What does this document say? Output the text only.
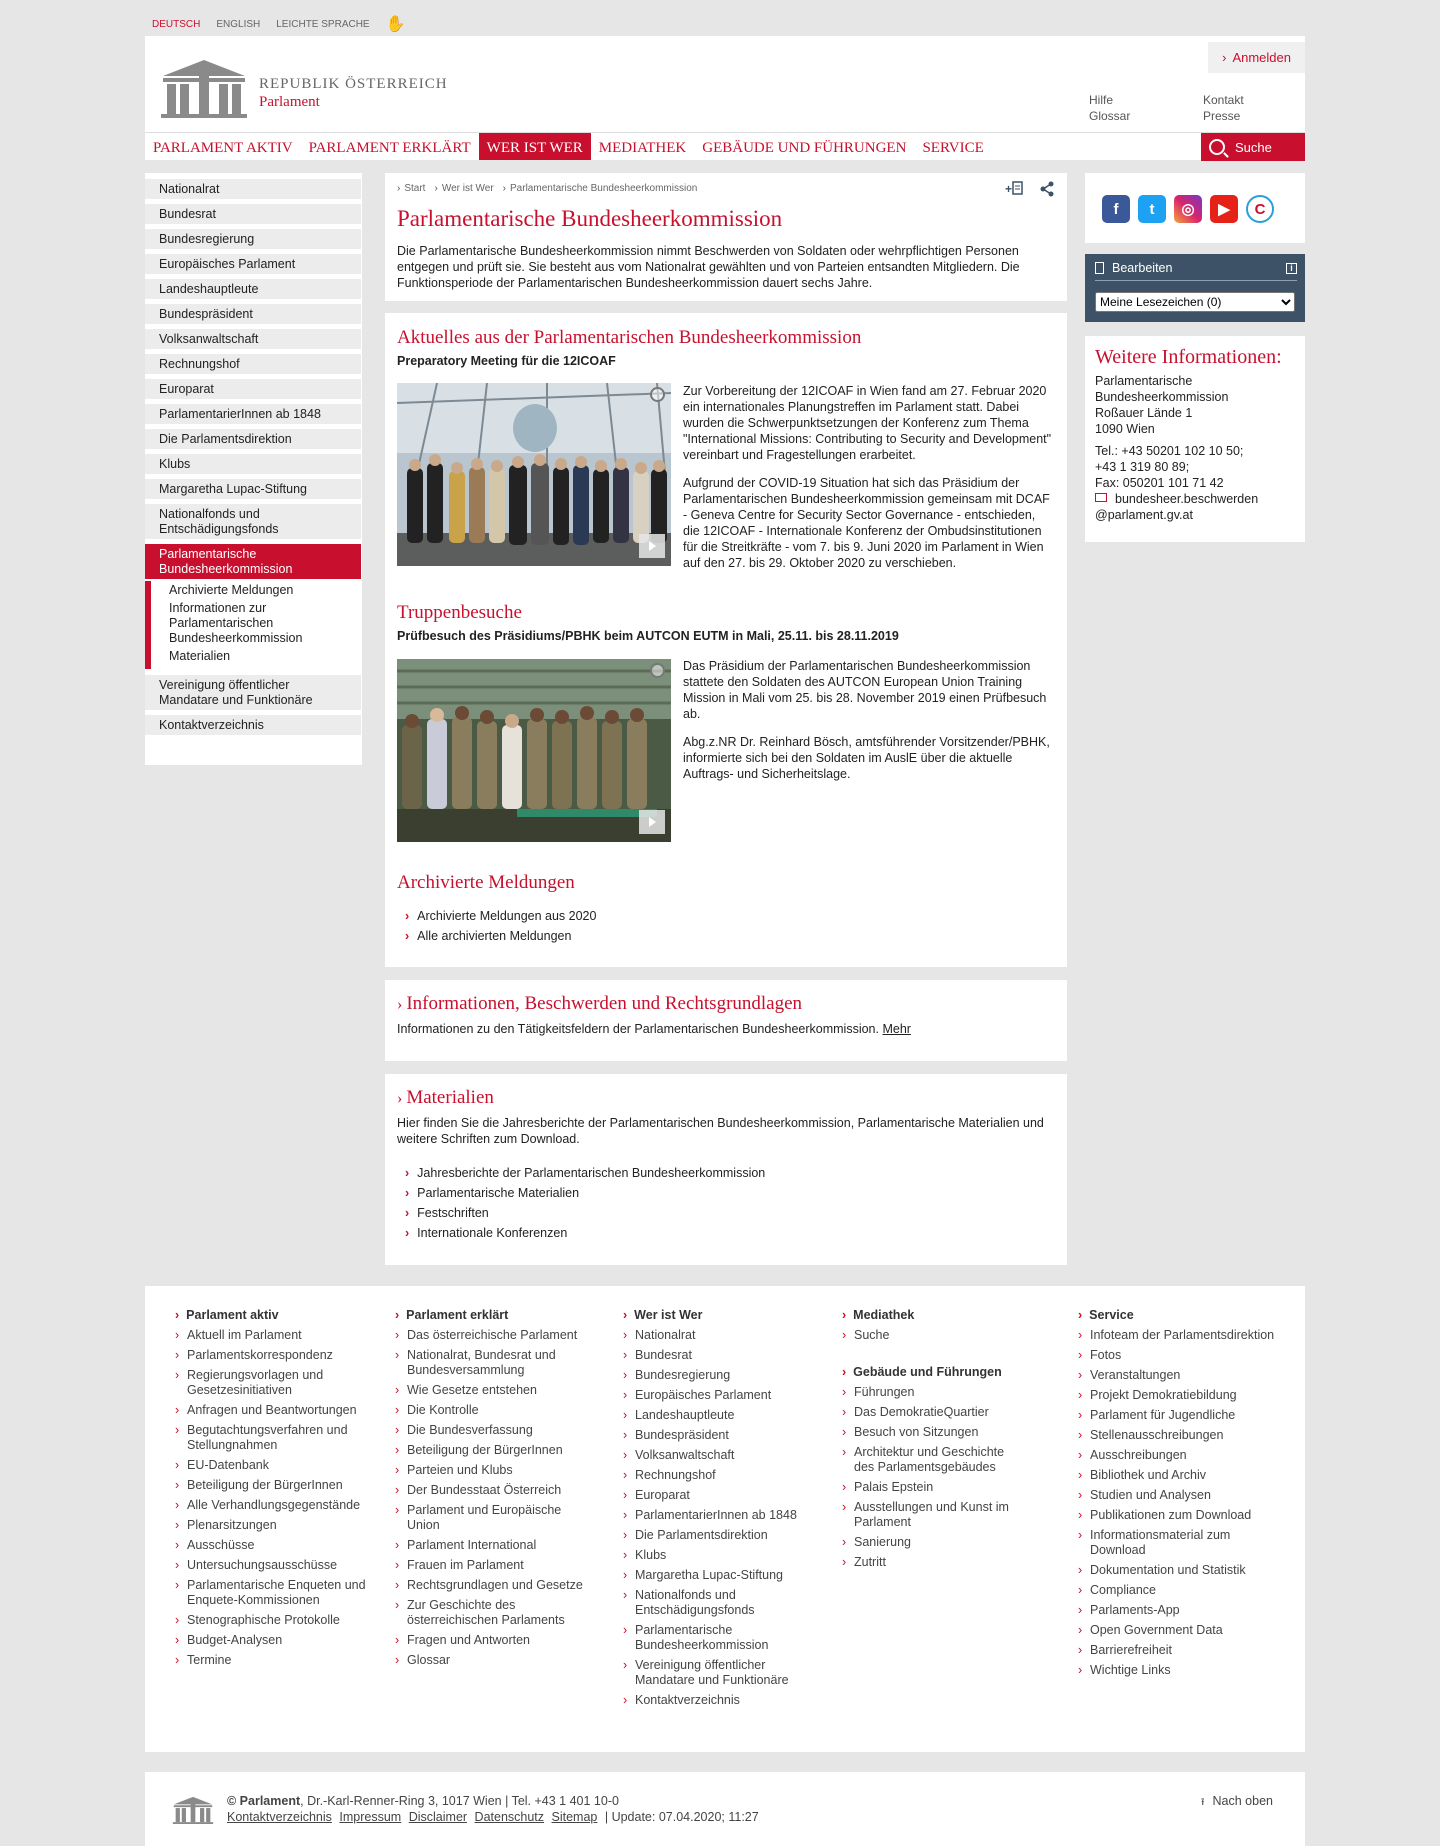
DEUTSCH ENGLISH LEICHTE SPRACHE ✋
REPUBLIK ÖSTERREICH
Parlament
› Anmelden
Hilfe
Glossar
Kontakt
Presse
PARLAMENT AKTIV	PARLAMENT ERKLÄRT	WER IST WER	MEDIATHEK	GEBÄUDE UND FÜHRUNGEN	SERVICE	Suche
Nationalrat
Bundesrat
Bundesregierung
Europäisches Parlament
Landeshauptleute
Bundespräsident
Volksanwaltschaft
Rechnungshof
Europarat
ParlamentarierInnen ab 1848
Die Parlamentsdirektion
Klubs
Margaretha Lupac-Stiftung
Nationalfonds und Entschädigungsfonds
Parlamentarische Bundesheerkommission
Archivierte Meldungen
Informationen zur Parlamentarischen Bundesheerkommission
Materialien
Vereinigung öffentlicher Mandatare und Funktionäre
Kontaktverzeichnis
› Start	› Wer ist Wer	› Parlamentarische Bundesheerkommission	+
Parlamentarische Bundesheerkommission

Die Parlamentarische Bundesheerkommission nimmt Beschwerden von Soldaten oder wehrpflichtigen Personen entgegen und prüft sie. Sie besteht aus vom Nationalrat gewählten und von Parteien entsandten Mitgliedern. Die Funktionsperiode der Parlamentarischen Bundesheerkommission dauert sechs Jahre.

Aktuelles aus der Parlamentarischen Bundesheerkommission
Preparatory Meeting für die 12ICOAF

Zur Vorbereitung der 12ICOAF in Wien fand am 27. Februar 2020 ein internationales Planungstreffen im Parlament statt. Dabei wurden die Schwerpunktsetzungen der Konferenz zum Thema "International Missions: Contributing to Security and Development" vereinbart und Fragestellungen erarbeitet.

Aufgrund der COVID-19 Situation hat sich das Präsidium der Parlamentarischen Bundesheerkommission gemeinsam mit DCAF - Geneva Centre for Security Sector Governance - entschieden, die 12ICOAF - Internationale Konferenz der Ombudsinstitutionen für die Streitkräfte - vom 7. bis 9. Juni 2020 im Parlament in Wien auf den 27. bis 29. Oktober 2020 zu verschieben.

Truppenbesuche
Prüfbesuch des Präsidiums/PBHK beim AUTCON EUTM in Mali, 25.11. bis 28.11.2019

Das Präsidium der Parlamentarischen Bundesheerkommission stattete den Soldaten des AUTCON European Union Training Mission in Mali vom 25. bis 28. November 2019 einen Prüfbesuch ab.

Abg.z.NR Dr. Reinhard Bösch, amtsführender Vorsitzender/PBHK, informierte sich bei den Soldaten im AuslE über die aktuelle Auftrags- und Sicherheitslage.

Archivierte Meldungen
› Archivierte Meldungen aus 2020
› Alle archivierten Meldungen
› Informationen, Beschwerden und Rechtsgrundlagen

Informationen zu den Tätigkeitsfeldern der Parlamentarischen Bundesheerkommission. Mehr

› Materialien

Hier finden Sie die Jahresberichte der Parlamentarischen Bundesheerkommission, Parlamentarische Materialien und weitere Schriften zum Download.

› Jahresberichte der Parlamentarischen Bundesheerkommission
› Parlamentarische Materialien
› Festschriften
› Internationale Konferenzen
f	t	◎	▶	C
Bearbeiten	i
Meine Lesezeichen (0)
Weitere Informationen:
Parlamentarische
Bundesheerkommission
Roßauer Lände 1
1090 Wien
Tel.: +43 50201 102 10 50;
+43 1 319 80 89;
Fax: 050201 101 71 42
bundesheer.beschwerden
@parlament.gv.at
› Parlament aktiv
› Aktuell im Parlament
› Parlamentskorrespondenz
› Regierungsvorlagen und Gesetzesinitiativen
› Anfragen und Beantwortungen
› Begutachtungsverfahren und Stellungnahmen
› EU-Datenbank
› Beteiligung der BürgerInnen
› Alle Verhandlungsgegenstände
› Plenarsitzungen
› Ausschüsse
› Untersuchungsausschüsse
› Parlamentarische Enqueten und Enquete-Kommissionen
› Stenographische Protokolle
› Budget-Analysen
› Termine
› Parlament erklärt
› Das österreichische Parlament
› Nationalrat, Bundesrat und Bundesversammlung
› Wie Gesetze entstehen
› Die Kontrolle
› Die Bundesverfassung
› Beteiligung der BürgerInnen
› Parteien und Klubs
› Der Bundesstaat Österreich
› Parlament und Europäische Union
› Parlament International
› Frauen im Parlament
› Rechtsgrundlagen und Gesetze
› Zur Geschichte des österreichischen Parlaments
› Fragen und Antworten
› Glossar
› Wer ist Wer
› Nationalrat
› Bundesrat
› Bundesregierung
› Europäisches Parlament
› Landeshauptleute
› Bundespräsident
› Volksanwaltschaft
› Rechnungshof
› Europarat
› ParlamentarierInnen ab 1848
› Die Parlamentsdirektion
› Klubs
› Margaretha Lupac-Stiftung
› Nationalfonds und Entschädigungsfonds
› Parlamentarische Bundesheerkommission
› Vereinigung öffentlicher Mandatare und Funktionäre
› Kontaktverzeichnis
› Mediathek
› Suche
› Gebäude und Führungen
› Führungen
› Das DemokratieQuartier
› Besuch von Sitzungen
› Architektur und Geschichte des Parlamentsgebäudes
› Palais Epstein
› Ausstellungen und Kunst im Parlament
› Sanierung
› Zutritt
› Service
› Infoteam der Parlamentsdirektion
› Fotos
› Veranstaltungen
› Projekt Demokratiebildung
› Parlament für Jugendliche
› Stellenausschreibungen
› Ausschreibungen
› Bibliothek und Archiv
› Studien und Analysen
› Publikationen zum Download
› Informationsmaterial zum Download
› Dokumentation und Statistik
› Compliance
› Parlaments-App
› Open Government Data
› Barrierefreiheit
› Wichtige Links
© Parlament, Dr.-Karl-Renner-Ring 3, 1017 Wien | Tel. +43 1 401 10-0
Kontaktverzeichnis Impressum Disclaimer Datenschutz Sitemap | Update: 07.04.2020; 11:27
⭱ Nach oben
